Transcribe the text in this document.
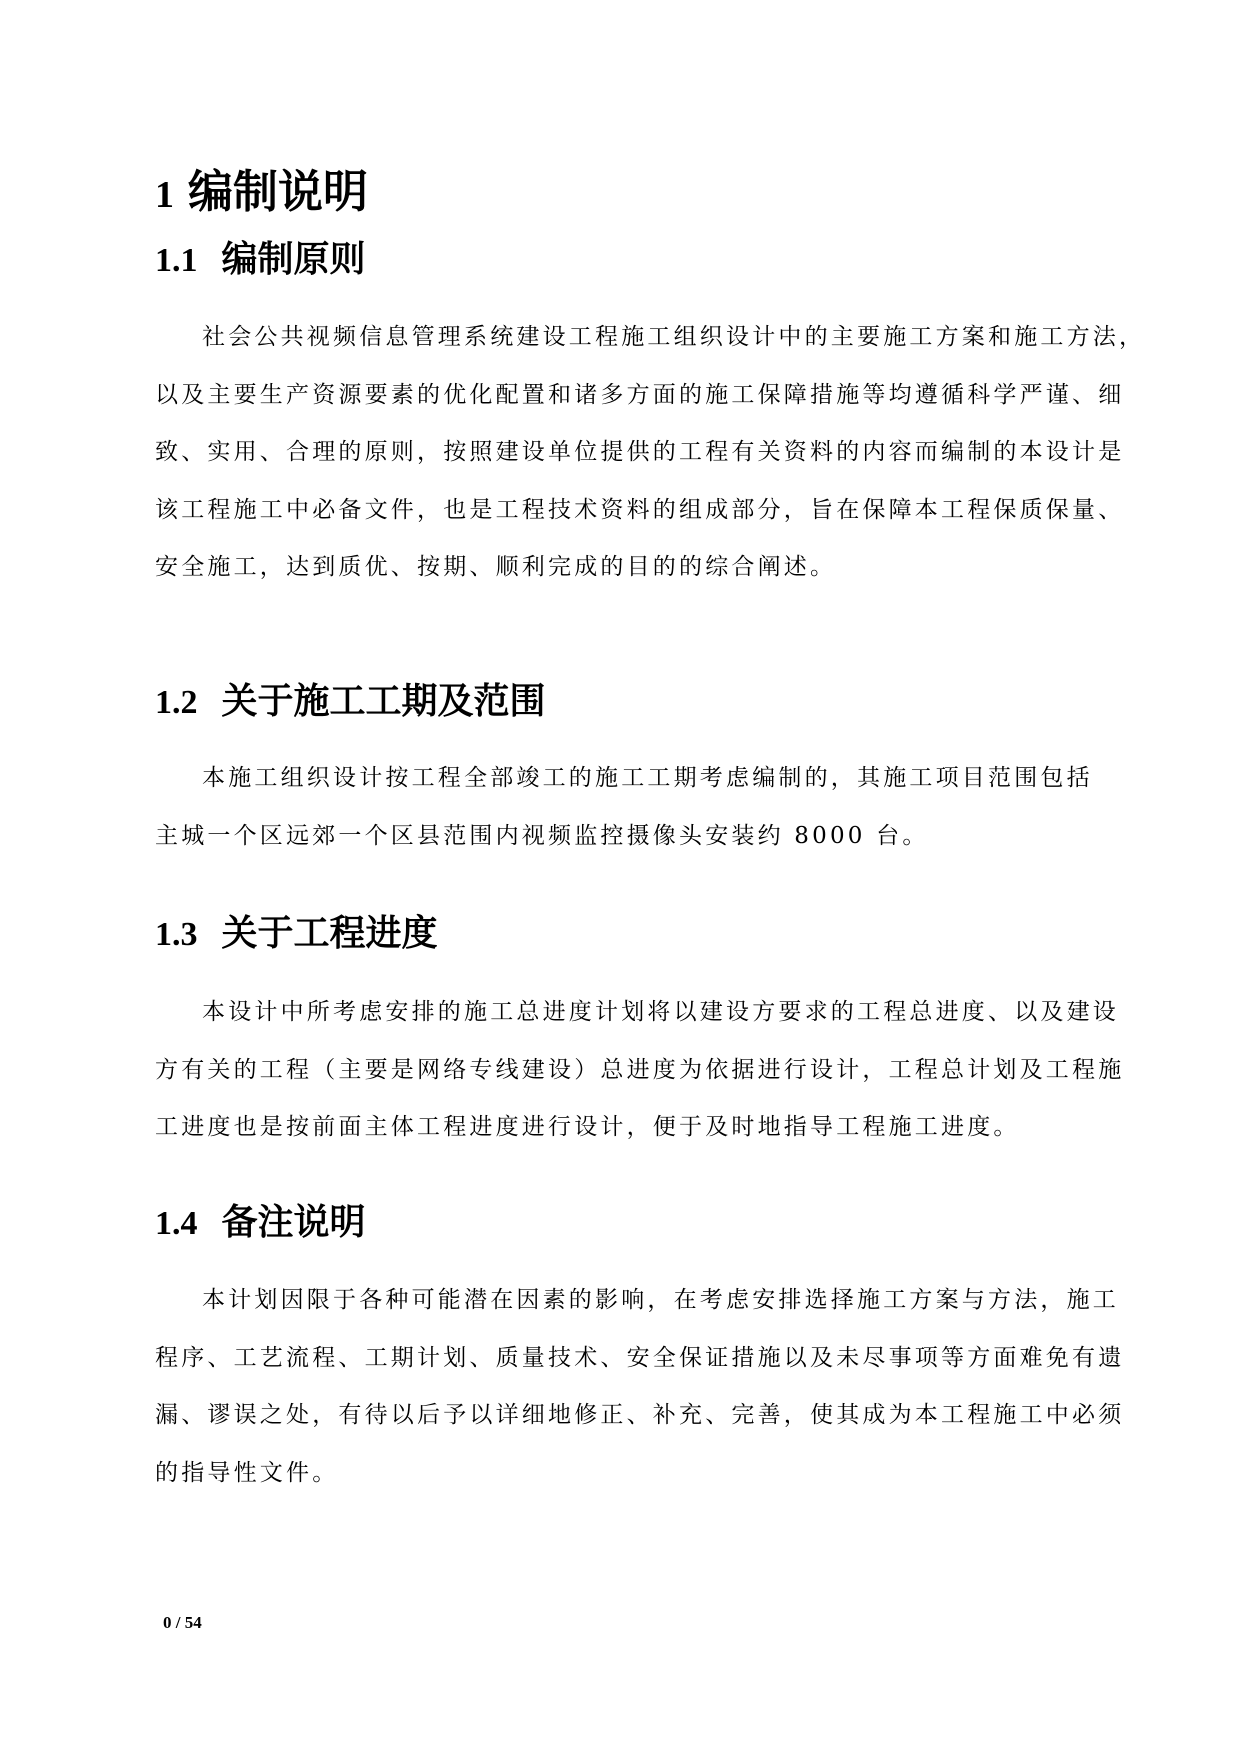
1 编制说明
1.1 编制原则
社会公共视频信息管理系统建设工程施工组织设计中的主要施工方案和施工方法，
以及主要生产资源要素的优化配置和诸多方面的施工保障措施等均遵循科学严谨、细
致、实用、合理的原则，按照建设单位提供的工程有关资料的内容而编制的本设计是
该工程施工中必备文件，也是工程技术资料的组成部分，旨在保障本工程保质保量、
安全施工，达到质优、按期、顺利完成的目的的综合阐述。
1.2 关于施工工期及范围
本施工组织设计按工程全部竣工的施工工期考虑编制的，其施工项目范围包括
主城一个区远郊一个区县范围内视频监控摄像头安装约 8000 台。
1.3 关于工程进度
本设计中所考虑安排的施工总进度计划将以建设方要求的工程总进度、以及建设
方有关的工程（主要是网络专线建设）总进度为依据进行设计，工程总计划及工程施
工进度也是按前面主体工程进度进行设计，便于及时地指导工程施工进度。
1.4 备注说明
本计划因限于各种可能潜在因素的影响，在考虑安排选择施工方案与方法，施工
程序、工艺流程、工期计划、质量技术、安全保证措施以及未尽事项等方面难免有遗
漏、谬误之处，有待以后予以详细地修正、补充、完善，使其成为本工程施工中必须
的指导性文件。
0 / 54
